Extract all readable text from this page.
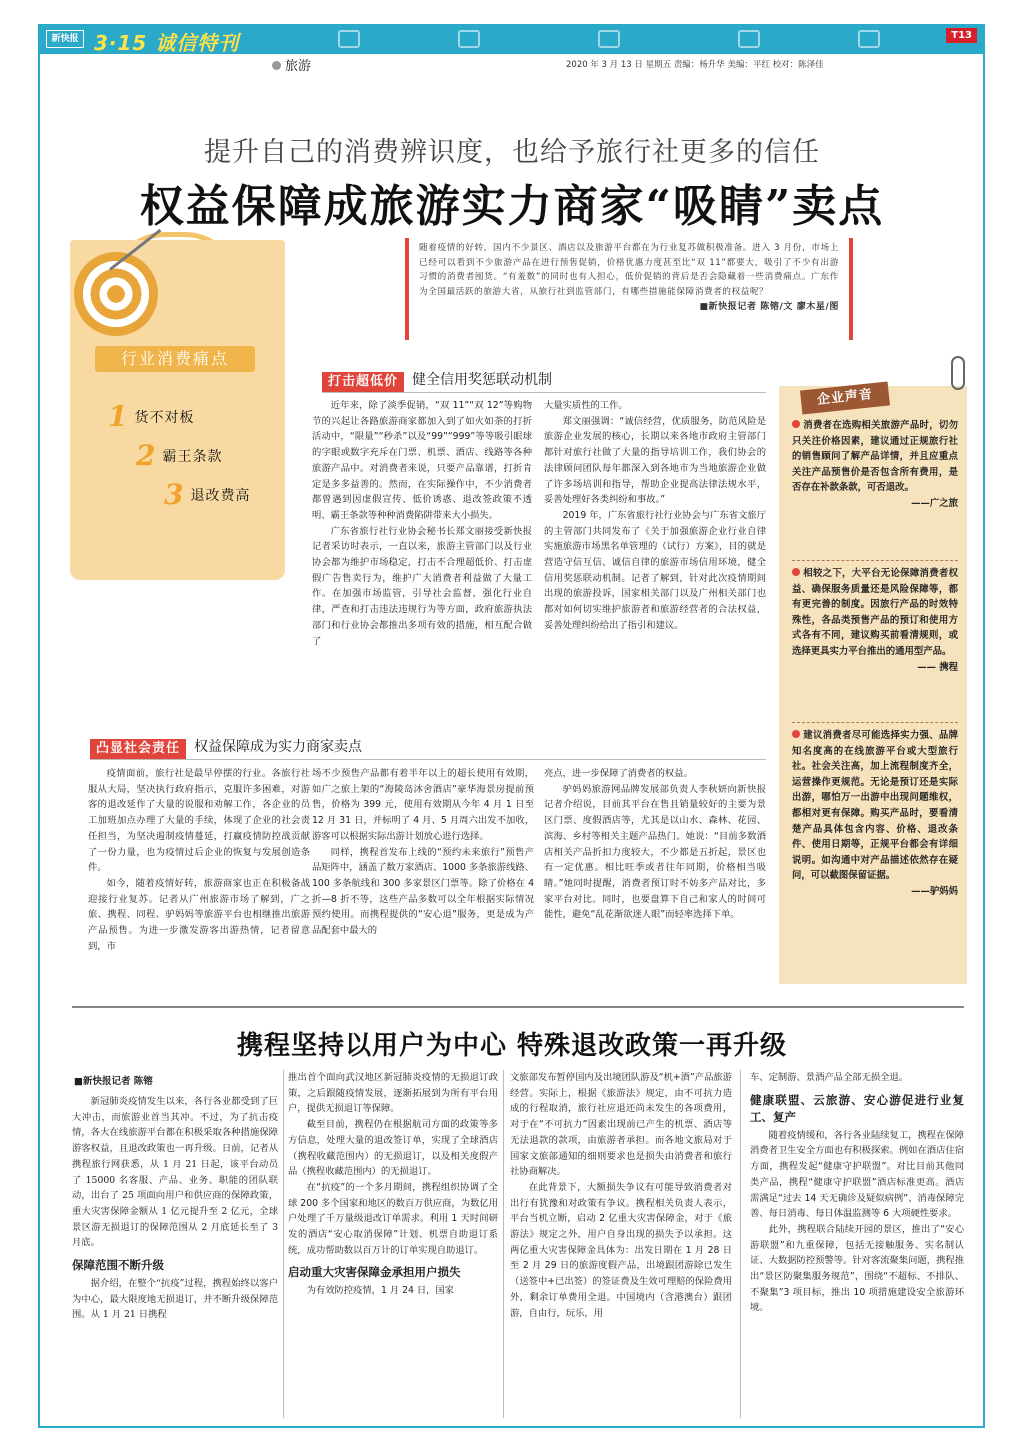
新快报 3·15 诚信特刊	T13
旅游	2020 年 3 月 13 日 星期五 责编：杨升华 美编：平红 校对：陈泽佳
提升自己的消费辨识度，也给予旅行社更多的信任
权益保障成旅游实力商家“吸睛”卖点
随着疫情的好转，国内不少景区、酒店以及旅游平台都在为行业复苏做积极准备。进入 3 月份，市场上已经可以看到不少旅游产品在进行预售促销，价格优惠力度甚至比“双 11”都要大，吸引了不少有出游习惯的消费者囤货。“有羞数”的同时也有人担心，低价促销的背后是否会隐藏着一些消费痛点。广东作为全国最活跃的旅游大省，从旅行社到监管部门，有哪些措施能保障消费者的权益呢？
■新快报记者 陈镕/文 廖木星/图
行业消费痛点
1 货不对板
2 霸王条款
3 退改费高
打击超低价 健全信用奖惩联动机制

近年来，除了淡季促销，“双 11”“双 12”等购物节的兴起让各路旅游商家都加入到了如火如荼的打折活动中，“限量”“秒杀”以及“99”“999”等等吸引眼球的字眼或数字充斥在门票、机票、酒店、线路等各种旅游产品中。对消费者来说，只要产品靠谱，打折肯定是多多益善的。然而，在实际操作中，不少消费者都曾遇到因虚假宣传、低价诱惑、退改签政策不透明、霸王条款等种种消费陷阱带来大小损失。

广东省旅行社行业协会秘书长郑文丽接受新快报记者采访时表示，一直以来，旅游主管部门以及行业协会都为维护市场稳定，打击不合理超低价、打击虚假广告售卖行为，维护广大消费者利益做了大量工作。在加强市场监管，引导社会监督，强化行业自律，严查和打击违法违规行为等方面，政府旅游执法部门和行业协会都推出多项有效的措施，相互配合做了

大量实质性的工作。

郑文丽强调：“诚信经营，优质服务，防范风险是旅游企业发展的核心，长期以来各地市政府主管部门都针对旅行社做了大量的指导培训工作，我们协会的法律顾问团队每年都深入到各地市为当地旅游企业做了许多场培训和指导，帮助企业提高法律法规水平，妥善处理好各类纠纷和事故。”

2019 年，广东省旅行社行业协会与广东省文旅厅的主管部门共同发布了《关于加强旅游企业行业自律实施旅游市场黑名单管理的（试行）方案》，目的就是营造守信互信、诚信自律的旅游市场信用环境，健全信用奖惩联动机制。记者了解到，针对此次疫情期间出现的旅游投诉，国家相关部门以及广州相关部门也都对如何切实维护旅游者和旅游经营者的合法权益，妥善处理纠纷给出了指引和建议。

凸显社会责任 权益保障成为实力商家卖点

疫情面前，旅行社是最早停摆的行业。各旅行社服从大局，坚决执行政府指示，克服许多困难，对游客的退改延作了大量的说服和劝解工作，各企业的员工加班加点办理了大量的手续，体现了企业的社会责任担当，为坚决遏制疫情蔓延，打赢疫情防控战贡献了一份力量，也为疫情过后企业的恢复与发展创造条件。

如今，随着疫情好转，旅游商家也正在积极备战迎接行业复苏。记者从广州旅游市场了解到，广之旅、携程、同程、驴妈妈等旅游平台也相继推出旅游产品预售。为进一步激发游客出游热情，记者留意到，市

场不少预售产品都有着半年以上的超长使用有效期，如广之旅上架的“海陵岛沐舍酒店”豪华海景房提前预售，价格为 399 元，使用有效期从今年 4 月 1 日至 12 月 31 日，并标明了 4 月、5 月周六出发不加收，游客可以根据实际出游计划放心进行选择。

同样，携程首发布上线的“预约未来旅行”预售产品矩阵中，涵盖了数万家酒店、1000 多条旅游线路、100 多条航线和 300 多家景区门票等。除了价格在 4 折—8 折不等，这些产品多数可以全年根据实际情况预约使用。而携程提供的“安心退”服务，更是成为产品配套中最大的

亮点，进一步保障了消费者的权益。

驴妈妈旅游网品牌发展部负责人李秋妍向新快报记者介绍说，目前其平台在售且销量较好的主要为景区门票、度假酒店等，尤其是以山水、森林、花园、滨海、乡村等相关主题产品热门。她说：“目前多数酒店相关产品折扣力度较大，不少都是五折起，景区也有一定优惠。相比旺季或者往年同期，价格相当吸睛。”她同时提醒，消费者预订时不妨多产品对比，多家平台对比。同时，也要盘算下自己和家人的时间可能性，避免“乱花渐欲迷人眼”而轻率选择下单。

企业声音
消费者在选购相关旅游产品时，切勿只关注价格因素，建议通过正规旅行社的销售顾问了解产品详情，并且应重点关注产品预售价是否包含所有费用，是否存在补款条款，可否退改。
——广之旅
相较之下，大平台无论保障消费者权益、确保服务质量还是风险保障等，都有更完善的制度。因旅行产品的时效特殊性，各品类预售产品的预订和使用方式各有不同，建议购买前看清规则，或选择更具实力平台推出的通用型产品。
—— 携程
建议消费者尽可能选择实力强、品牌知名度高的在线旅游平台或大型旅行社。社会关注高，加上流程制度齐全，运营操作更规范。无论是预订还是实际出游，哪怕万一出游中出现问题维权，都相对更有保障。购买产品时，要看清楚产品具体包含内容、价格、退改条件、使用日期等，正规平台都会有详细说明。如沟通中对产品描述依然存在疑问，可以截图保留证据。
——驴妈妈
携程坚持以用户为中心 特殊退改政策一再升级
■新快报记者 陈镕

新冠肺炎疫情发生以来，各行各业都受到了巨大冲击，而旅游业首当其冲。不过，为了抗击疫情，各大在线旅游平台都在积极采取各种措施保障游客权益，且退改政策也一再升级。日前，记者从携程旅行网获悉，从 1 月 21 日起，该平台动员了 15000 名客服、产品、业务、职能的团队联动，出台了 25 项面向用户和供应商的保障政策，重大灾害保障金额从 1 亿元提升至 2 亿元，全球景区游无损退订的保障范围从 2 月底延长至了 3 月底。

保障范围不断升级

据介绍，在整个“抗疫”过程，携程始终以客户为中心，最大限度地无损退订，并不断升级保障范围。从 1 月 21 日携程

推出首个面向武汉地区新冠肺炎疫情的无损退订政策，之后跟随疫情发展，逐渐拓展到为所有平台用户，提供无损退订等保障。

截至目前，携程仍在根据航司方面的政策等多方信息，处理大量的退改签订单，实现了全球酒店（携程收藏范围内）的无损退订，以及相关度假产品（携程收藏范围内）的无损退订。

在“抗疫”的一个多月期间，携程组织协调了全球 200 多个国家和地区的数百万供应商，为数亿用户处理了千万量级退改订单需求。利用 1 天时间研发的酒店“安心取消保障”计划、机票自助退订系统，成功帮助数以百万计的订单实现自助退订。

启动重大灾害保障金承担用户损失

为有效防控疫情，1 月 24 日，国家

文旅部发布暂停国内及出境团队游及“机+酒”产品旅游经营。实际上，根据《旅游法》规定，由不可抗力造成的行程取消，旅行社应退还尚未发生的各项费用，对于在“不可抗力”因素出现前已产生的机票、酒店等无法退款的款项，由旅游者承担。而各地文旅局对于国家文旅部通知的细则要求也是损失由消费者和旅行社协商解决。

在此背景下，大额损失争议有可能导致消费者对出行有犹豫和对政策有争议。携程相关负责人表示，平台当机立断，启动 2 亿重大灾害保障金，对于《旅游法》规定之外，用户自身出现的损失予以承担。这两亿重大灾害保障金具体为：出发日期在 1 月 28 日至 2 月 29 日的旅游度假产品，出境跟团游除已发生（送签中+已出签）的签证费及生效可理赔的保险费用外，剩余订单费用全退。中国境内（含港澳台）跟团游，自由行，玩乐，用

车、定制游、景酒产品全部无损全退。

健康联盟、云旅游、安心游促进行业复工、复产

随着疫情缓和，各行各业陆续复工，携程在保障消费者卫生安全方面也有积极探索。例如在酒店住宿方面，携程发起“健康守护联盟”。对比目前其他同类产品，携程“健康守护联盟”酒店标准更高。酒店需满足“过去 14 天无确诊及疑似病例”、消毒保障完善、每日消毒、每日体温监测等 6 大项硬性要求。

此外，携程联合陆续开园的景区，推出了“安心游联盟”和九重保障，包括无接触服务、实名制认证、大数据防控预警等。针对客流聚集问题，携程推出“景区防聚集服务规范”，围绕“不超标、不排队、不聚集”3 项目标，推出 10 项措施建设安全旅游环境。
